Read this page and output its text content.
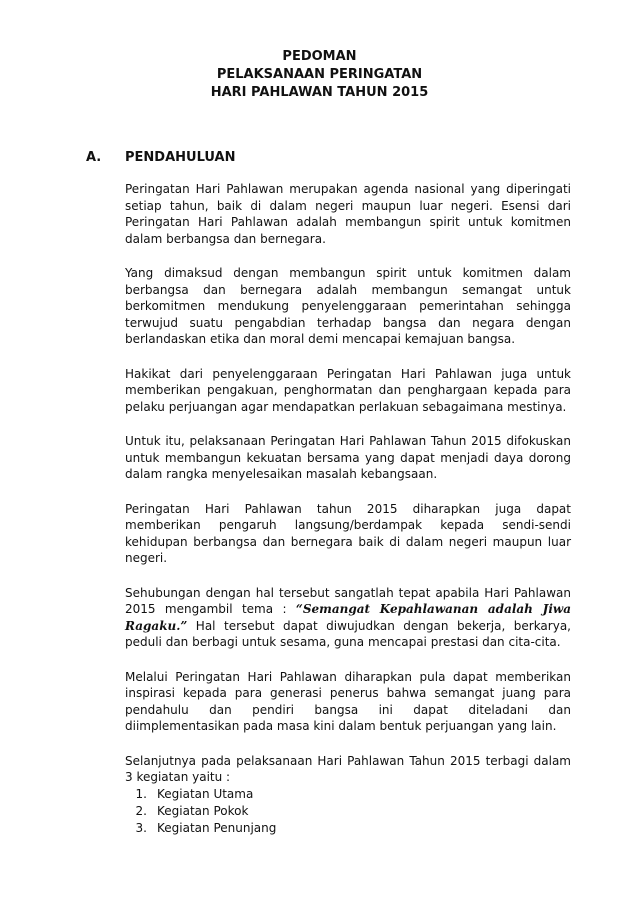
PEDOMAN
PELAKSANAAN PERINGATAN
HARI PAHLAWAN TAHUN 2015
A. PENDAHULUAN

Peringatan Hari Pahlawan merupakan agenda nasional yang diperingati setiap tahun, baik di dalam negeri maupun luar negeri. Esensi dari Peringatan Hari Pahlawan adalah membangun spirit untuk komitmen dalam berbangsa dan bernegara.

Yang dimaksud dengan membangun spirit untuk komitmen dalam berbangsa dan bernegara adalah membangun semangat untuk berkomitmen mendukung penyelenggaraan pemerintahan sehingga terwujud suatu pengabdian terhadap bangsa dan negara dengan berlandaskan etika dan moral demi mencapai kemajuan bangsa.

Hakikat dari penyelenggaraan Peringatan Hari Pahlawan juga untuk memberikan pengakuan, penghormatan dan penghargaan kepada para pelaku perjuangan agar mendapatkan perlakuan sebagaimana mestinya.

Untuk itu, pelaksanaan Peringatan Hari Pahlawan Tahun 2015 difokuskan untuk membangun kekuatan bersama yang dapat menjadi daya dorong dalam rangka menyelesaikan masalah kebangsaan.

Peringatan Hari Pahlawan tahun 2015 diharapkan juga dapat memberikan pengaruh langsung/berdampak kepada sendi-sendi kehidupan berbangsa dan bernegara baik di dalam negeri maupun luar negeri.

Sehubungan dengan hal tersebut sangatlah tepat apabila Hari Pahlawan 2015 mengambil tema : “Semangat Kepahlawanan adalah Jiwa Ragaku.” Hal tersebut dapat diwujudkan dengan bekerja, berkarya, peduli dan berbagi untuk sesama, guna mencapai prestasi dan cita-cita.

Melalui Peringatan Hari Pahlawan diharapkan pula dapat memberikan inspirasi kepada para generasi penerus bahwa semangat juang para pendahulu dan pendiri bangsa ini dapat diteladani dan diimplementasikan pada masa kini dalam bentuk perjuangan yang lain.

Selanjutnya pada pelaksanaan Hari Pahlawan Tahun 2015 terbagi dalam 3 kegiatan yaitu :

1. Kegiatan Utama
2. Kegiatan Pokok
3. Kegiatan Penunjang
